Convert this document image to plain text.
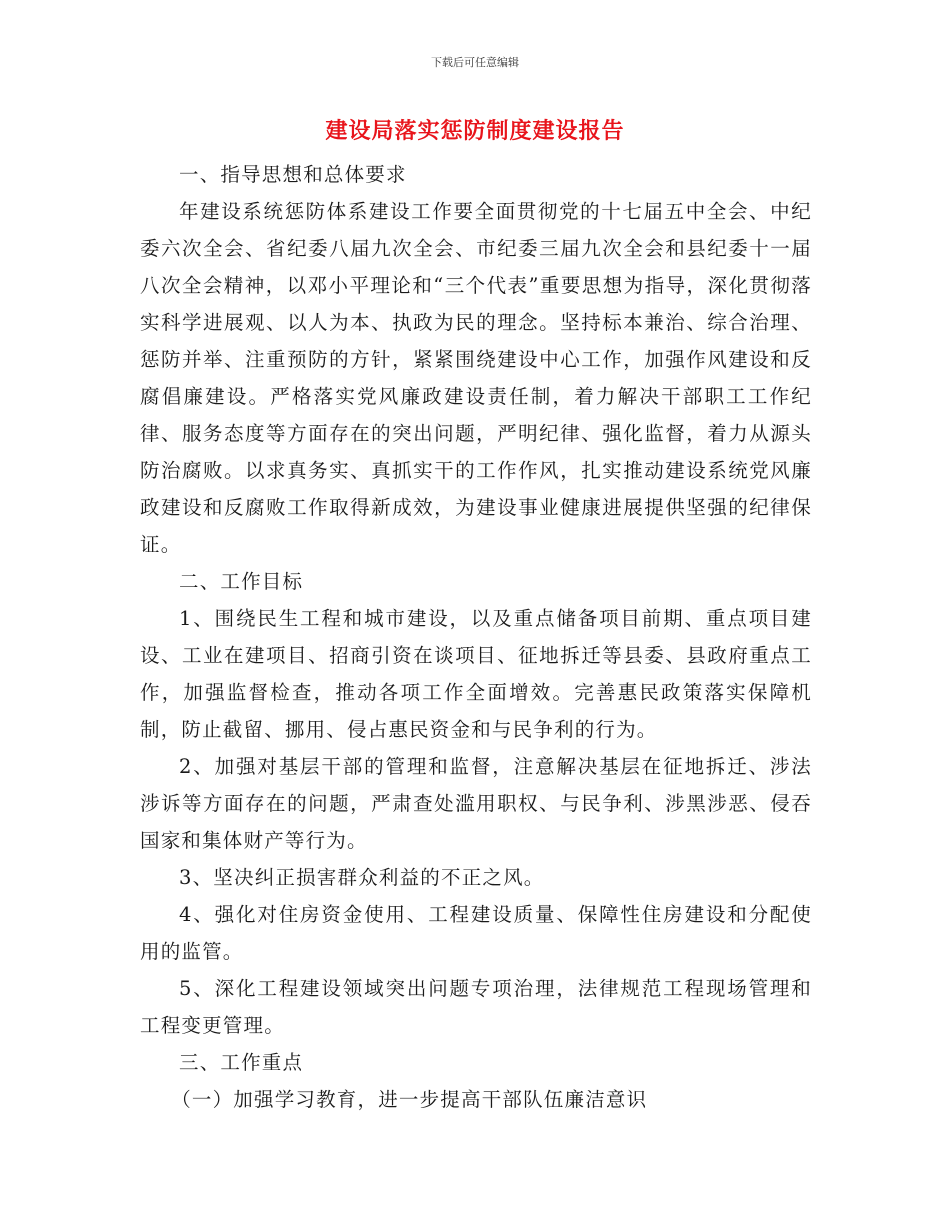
下载后可任意编辑
建设局落实惩防制度建设报告

一、指导思想和总体要求

年建设系统惩防体系建设工作要全面贯彻党的十七届五中全会、中纪委六次全会、省纪委八届九次全会、市纪委三届九次全会和县纪委十一届八次全会精神，以邓小平理论和“三个代表”重要思想为指导，深化贯彻落实科学进展观、以人为本、执政为民的理念。坚持标本兼治、综合治理、惩防并举、注重预防的方针，紧紧围绕建设中心工作，加强作风建设和反腐倡廉建设。严格落实党风廉政建设责任制，着力解决干部职工工作纪律、服务态度等方面存在的突出问题，严明纪律、强化监督，着力从源头防治腐败。以求真务实、真抓实干的工作作风，扎实推动建设系统党风廉政建设和反腐败工作取得新成效，为建设事业健康进展提供坚强的纪律保证。

二、工作目标

1、围绕民生工程和城市建设，以及重点储备项目前期、重点项目建设、工业在建项目、招商引资在谈项目、征地拆迁等县委、县政府重点工作，加强监督检查，推动各项工作全面增效。完善惠民政策落实保障机制，防止截留、挪用、侵占惠民资金和与民争利的行为。

2、加强对基层干部的管理和监督，注意解决基层在征地拆迁、涉法涉诉等方面存在的问题，严肃查处滥用职权、与民争利、涉黑涉恶、侵吞国家和集体财产等行为。

3、坚决纠正损害群众利益的不正之风。

4、强化对住房资金使用、工程建设质量、保障性住房建设和分配使用的监管。

5、深化工程建设领域突出问题专项治理，法律规范工程现场管理和工程变更管理。

三、工作重点

（一）加强学习教育，进一步提高干部队伍廉洁意识
